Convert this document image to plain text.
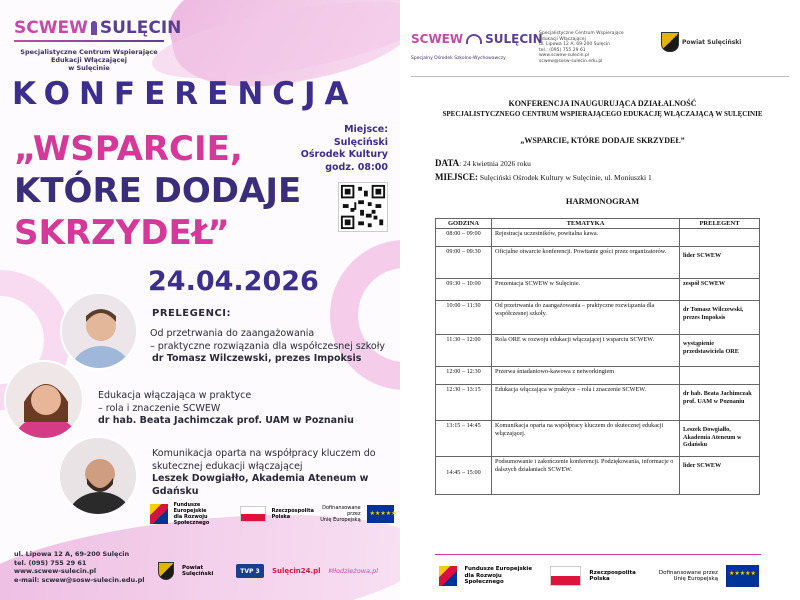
SCWEW SULĘCIN
Specjalistyczne Centrum Wspierające
Edukacji Włączającej
w Sulęcinie
KONFERENCJA
„WSPARCIE,
KTÓRE DODAJE
SKRZYDEŁ”
Miejsce:
Sulęciński
Ośrodek Kultury
godz. 08:00
24.04.2026
PRELEGENCI:
Od przetrwania do zaangażowania
– praktyczne rozwiązania dla współczesnej szkoły
dr Tomasz Wilczewski, prezes Impoksis
Edukacja włączająca w praktyce
– rola i znaczenie SCWEW
dr hab. Beata Jachimczak prof. UAM w Poznaniu
Komunikacja oparta na współpracy kluczem do
skutecznej edukacji włączającej
Leszek Dowgiałło, Akademia Ateneum w Gdańsku
Fundusze Europejskie
dla Rozwoju Społecznego
Rzeczpospolita
Polska
Dofinansowane przez
Unię Europejską
★★★★★
ul. Lipowa 12 A, 69-200 Sulęcin
tel. (095) 755 29 61
www.scwew-sulecin.pl
e-mail: scwew@sosw-sulecin.edu.pl
Powiat Sulęciński	TVP 3	Sulęcin24.pl Młodzieżowa.pl
SCWEW SULĘCIN
Specjalny Ośrodek Szkolno-Wychowawczy
Specjalistyczne Centrum Wspierające
Edukacji Włączającej
ul. Lipowa 12 A, 69-200 Sulęcin
tel.: (095) 755 29 61
www.scwew-sulecin.pl
scwew@sosw-sulecin.edu.pl
Powiat Sulęciński
KONFERENCJA INAUGURUJĄCA DZIAŁALNOŚĆ
SPECJALISTYCZNEGO CENTRUM WSPIERAJĄCEGO EDUKACJĘ WŁĄCZAJĄCĄ W SULĘCINIE
„WSPARCIE, KTÓRE DODAJE SKRZYDEŁ”
DATA: 24 kwietnia 2026 roku
MIEJSCE: Sulęciński Ośrodek Kultury w Sulęcinie, ul. Moniuszki 1
HARMONOGRAM
GODZINA	TEMATYKA	PRELEGENT
08:00 – 09:00	Rejestracja uczestników, powitalna kawa.	
09:00 – 09:30	Oficjalne otwarcie konferencji. Powitanie gości przez organizatorów.	lider SCWEW
09:30 – 10:00	Prezentacja SCWEW w Sulęcinie.	zespół SCWEW
10:00 – 11:30	Od przetrwania do zaangażowania – praktyczne rozwiązania dla współczesnej szkoły.	dr Tomasz Wilczewski, prezes Impoksis
11:30 – 12:00	Rola ORE w rozwoju edukacji włączającej i wsparciu SCWEW.	wystąpienie przedstawiciela ORE
12:00 – 12:30	Przerwa śniadaniowo-kawowa z networkingiem	
12:30 – 13:15	Edukacja włączająca w praktyce – rola i znaczenie SCWEW.	dr hab. Beata Jachimczak prof. UAM w Poznaniu
13:15 – 14:45	Komunikacja oparta na współpracy kluczem do skutecznej edukacji włączającej.	Leszek Dowgiałło, Akademia Ateneum w Gdańsku
14:45 – 15:00	Podsumowanie i zakończenie konferencji. Podziękowania, informacje o dalszych działaniach SCWEW.	lider SCWEW
Fundusze Europejskie
dla Rozwoju Społecznego
Rzeczpospolita
Polska
Dofinansowane przez
Unię Europejską
★★★★★
